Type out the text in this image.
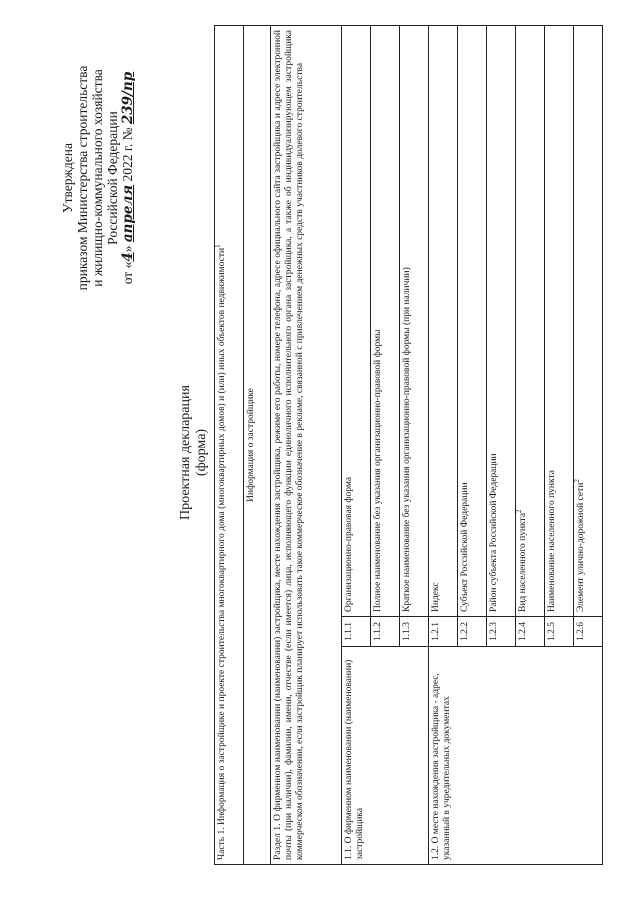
Утверждена приказом Министерства строительства и жилищно-коммунального хозяйства Российской Федерации
от «4» апреля 2022 г. № 239/пр
Проектная декларация (форма) Часть 1. Информация о застройщике и проекте строительства многоквартирного дома (многоквартирных домов) и (или) иных объектов недвижимости$^1$
Информация о застройщике		
Раздел 1. О фирменном наименовании (наименовании) застройщика, месте нахождения застройщика, режиме его работы, номере телефона, адресе официального сайта застройщика и адресе электронной почты (при наличии), фамилии, имени, отчестве (если имеется) лица, исполняющего функции единоличного исполнительного органа застройщика, а также об индивидуализирующем застройщика коммерческом обозначении, если застройщик планирует использовать такое коммерческое обозначение в рекламе, связанной с привлечением денежных средств участников долевого строительства		
1.1. О фирменном наименовании (наименовании) застройщика	1.1.1	Организационно-правовая форма
	1.1.2	Полное наименование без указания организационно-правовой формы
	1.1.3	Краткое наименование без указания организационно-правовой формы (при наличии)
1.2. О месте нахождения застройщика - адрес, указанный в учредительных документах	1.2.1	Индекс
	1.2.2	Субъект Российской Федерации
	1.2.3	Район субъекта Российской Федерации
	1.2.4	Вид населенного пункта$^2$
	1.2.5	Наименование населенного пункта
	1.2.6	Элемент улично-дорожной сети$^2$
